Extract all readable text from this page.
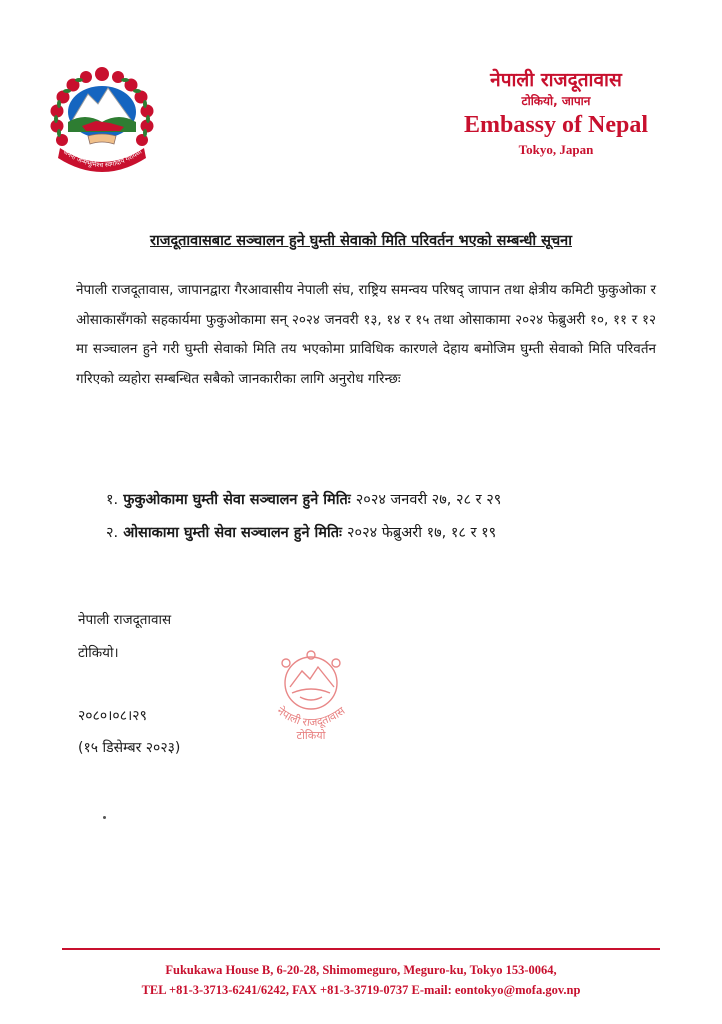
जननी जन्मभूमिश्च स्वर्गादपि गरीयसी
नेपाली राजदूतावास
टोकियो, जापान
Embassy of Nepal
Tokyo, Japan
राजदूतावासबाट सञ्चालन हुने घुम्ती सेवाको मिति परिवर्तन भएको सम्बन्धी सूचना
नेपाली राजदूतावास, जापानद्वारा गैरआवासीय नेपाली संघ, राष्ट्रिय समन्वय परिषद् जापान तथा क्षेत्रीय कमिटी फुकुओका र ओसाकासँगको सहकार्यमा फुकुओकामा सन् २०२४ जनवरी १३, १४ र १५ तथा ओसाकामा २०२४ फेब्रुअरी १०, ११ र १२ मा सञ्चालन हुने गरी घुम्ती सेवाको मिति तय भएकोमा प्राविधिक कारणले देहाय बमोजिम घुम्ती सेवाको मिति परिवर्तन गरिएको व्यहोरा सम्बन्धित सबैको जानकारीका लागि अनुरोध गरिन्छः
१. फुकुओकामा घुम्ती सेवा सञ्चालन हुने मितिः २०२४ जनवरी २७, २८ र २९
२. ओसाकामा घुम्ती सेवा सञ्चालन हुने मितिः २०२४ फेब्रुअरी १७, १८ र १९
नेपाली राजदूतावास
टोकियो।
नेपाली राजदूतावास
टोकियो
२०८०।०८।२९
(१५ डिसेम्बर २०२३)
Fukukawa House B, 6-20-28, Shimomeguro, Meguro-ku, Tokyo 153-0064,
TEL +81-3-3713-6241/6242, FAX +81-3-3719-0737 E-mail: eontokyo@mofa.gov.np
